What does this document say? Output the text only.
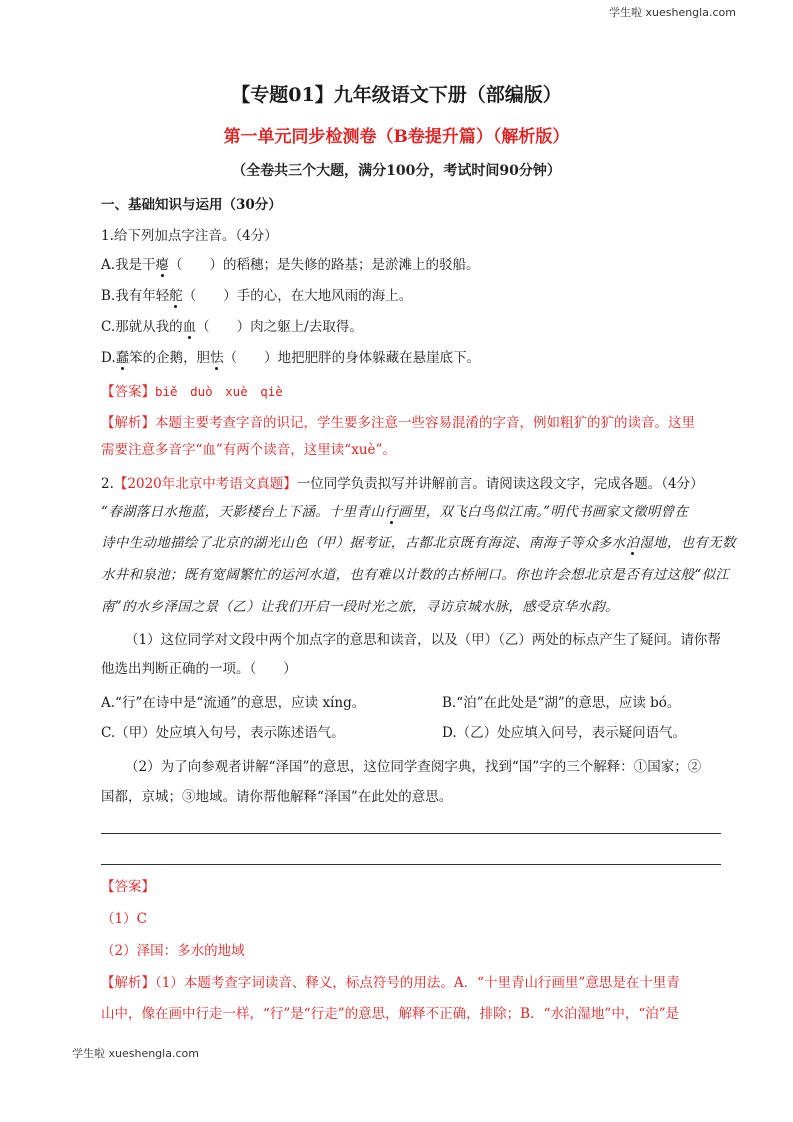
学生啦 xueshengla.com
【专题01】九年级语文下册（部编版）
第一单元同步检测卷（B卷提升篇）（解析版）
（全卷共三个大题，满分100分，考试时间90分钟）
一、基础知识与运用（30分）
1.给下列加点字注音。（4分）
A.我是干瘪（　　）的稻穗；是失修的路基；是淤滩上的驳船。
B.我有年轻舵（　　）手的心，在大地风雨的海上。
C.那就从我的血（　　）肉之躯上/去取得。
D.蠢笨的企鹅，胆怯（　　）地把肥胖的身体躲藏在悬崖底下。
【答案】biě　duò　xuè　qiè
【解析】本题主要考查字音的识记，学生要多注意一些容易混淆的字音，例如粗犷的犷的读音。这里
需要注意多音字“血”有两个读音，这里读“xuè”。
2.【2020年北京中考语文真题】一位同学负责拟写并讲解前言。请阅读这段文字，完成各题。（4分）
“春湖落日水拖蓝，天影楼台上下涵。十里青山行画里，双飞白鸟似江南。”明代书画家文徵明曾在
诗中生动地描绘了北京的湖光山色（甲）据考证，古都北京既有海淀、南海子等众多水泊湿地，也有无数
水井和泉池；既有宽阔繁忙的运河水道，也有难以计数的古桥闸口。你也许会想北京是否有过这般“似江
南”的水乡泽国之景（乙）让我们开启一段时光之旅，寻访京城水脉，感受京华水韵。
（1）这位同学对文段中两个加点字的意思和读音，以及（甲）（乙）两处的标点产生了疑问。请你帮
他选出判断正确的一项。（　　）
A.“行”在诗中是“流通”的意思，应读 xíng。	B.“泊”在此处是“湖”的意思，应读 bó。
C.（甲）处应填入句号，表示陈述语气。	D.（乙）处应填入问号，表示疑问语气。
（2）为了向参观者讲解“泽国”的意思，这位同学查阅字典，找到“国”字的三个解释：①国家；②
国都，京城；③地域。请你帮他解释“泽国”在此处的意思。
【答案】
（1）C
（2）泽国：多水的地域
【解析】（1）本题考查字词读音、释义，标点符号的用法。A．“十里青山行画里”意思是在十里青
山中，像在画中行走一样，“行”是“行走”的意思，解释不正确，排除；B．“水泊湿地”中，“泊”是
学生啦 xueshengla.com
